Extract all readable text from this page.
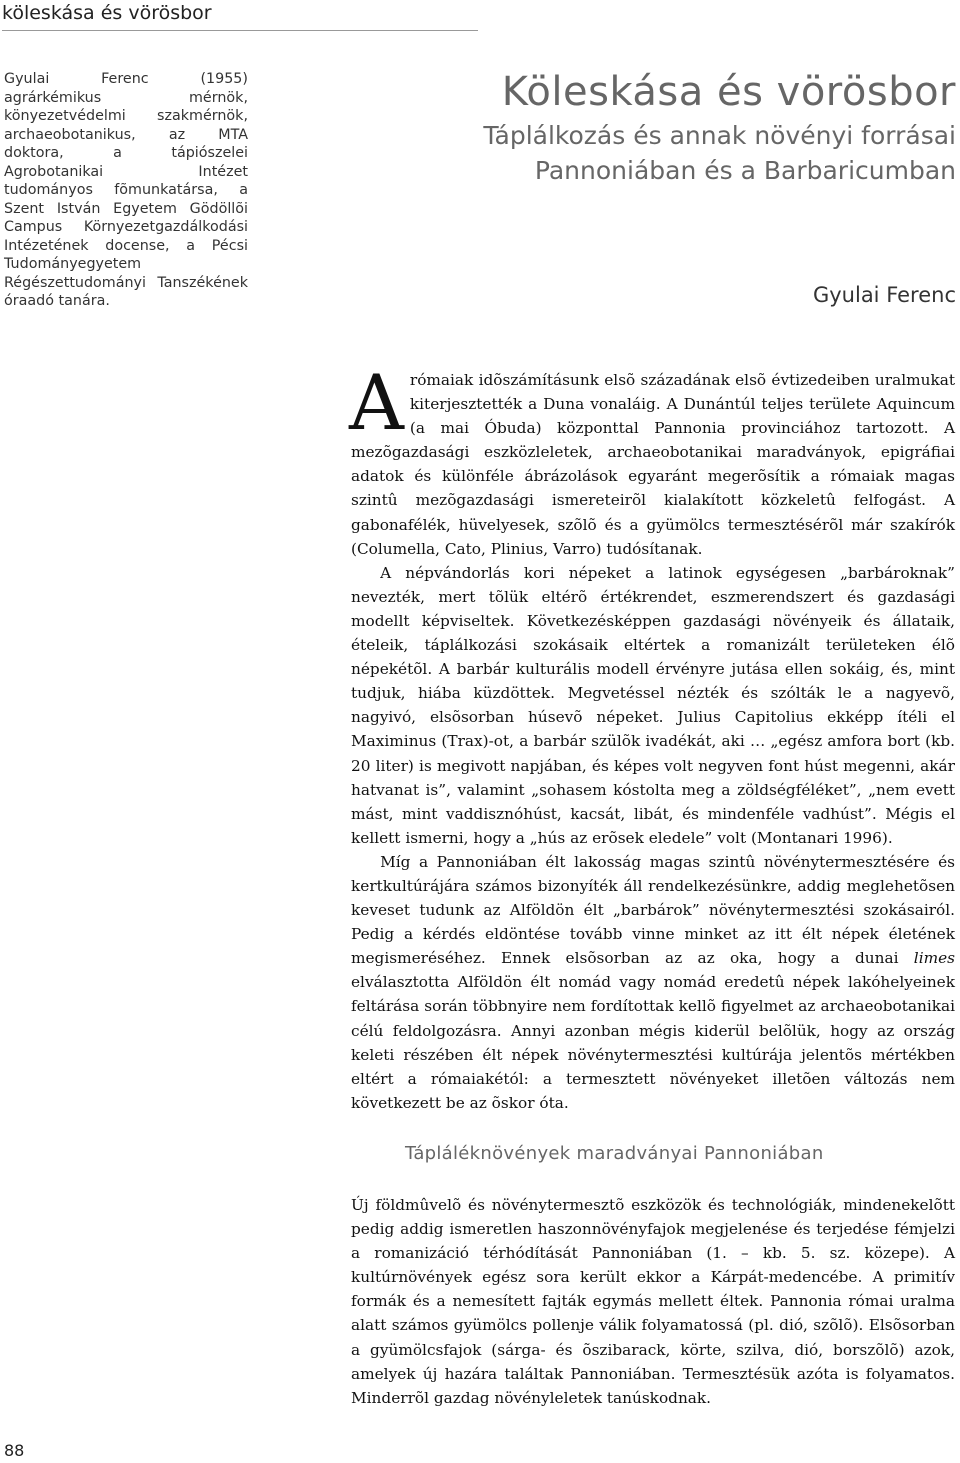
köleskása és vörösbor
Gyulai Ferenc (1955) agrárkémikus mérnök, könyezetvédelmi szakmérnök, archaeobotanikus, az MTA doktora, a tápiószelei Agrobotanikai Intézet tudományos fõmunkatársa, a Szent István Egyetem Gödöllõi Campus Környezetgazdálkodási Intézetének docense, a Pécsi Tudományegyetem Régészettudományi Tanszékének óraadó tanára.
Köleskása és vörösbor
Táplálkozás és annak növényi forrásai
Pannoniában és a Barbaricumban
Gyulai Ferenc

A rómaiak idõszámításunk elsõ századának elsõ évtizedeiben uralmukat kiterjesztették a Duna vonaláig. A Dunántúl teljes területe Aquincum (a mai Óbuda) központtal Pannonia provinciához tartozott. A mezõgazdasági eszközleletek, archaeobotanikai maradványok, epigráfiai adatok és különféle ábrázolások egyaránt megerõsítik a rómaiak magas szintû mezõgazdasági ismereteirõl kialakított közkeletû felfogást. A gabonafélék, hüvelyesek, szõlõ és a gyümölcs termesztésérõl már szakírók (Columella, Cato, Plinius, Varro) tudósítanak.

A népvándorlás kori népeket a latinok egységesen „barbároknak” nevezték, mert tõlük eltérõ értékrendet, eszmerendszert és gazdasági modellt képviseltek. Következésképpen gazdasági növényeik és állataik, ételeik, táplálkozási szokásaik eltértek a romanizált területeken élõ népekétõl. A barbár kulturális modell érvényre jutása ellen sokáig, és, mint tudjuk, hiába küzdöttek. Megvetéssel nézték és szólták le a nagyevõ, nagyivó, elsõsorban húsevõ népeket. Julius Capitolius ekképp ítéli el Maximinus (Trax)-ot, a barbár szülõk ivadékát, aki … „egész amfora bort (kb. 20 liter) is megivott napjában, és képes volt negyven font húst megenni, akár hatvanat is”, valamint „sohasem kóstolta meg a zöldségféléket”, „nem evett mást, mint vaddisznóhúst, kacsát, libát, és mindenféle vadhúst”. Mégis el kellett ismerni, hogy a „hús az erõsek eledele” volt (Montanari 1996).

Míg a Pannoniában élt lakosság magas szintû növénytermesztésére és kertkultúrájára számos bizonyíték áll rendelkezésünkre, addig meglehetõsen keveset tudunk az Alföldön élt „barbárok” növénytermesztési szokásairól. Pedig a kérdés eldöntése tovább vinne minket az itt élt népek életének megismeréséhez. Ennek elsõsorban az az oka, hogy a dunai limes elválasztotta Alföldön élt nomád vagy nomád eredetû népek lakóhelyeinek feltárása során többnyire nem fordítottak kellõ figyelmet az archaeobotanikai célú feldolgozásra. Annyi azonban mégis kiderül belõlük, hogy az ország keleti részében élt népek növénytermesztési kultúrája jelentõs mértékben eltért a rómaiakétól: a termesztett növényeket illetõen változás nem következett be az õskor óta.

Tápláléknövények maradványai Pannoniában

Új földmûvelõ és növénytermesztõ eszközök és technológiák, mindenekelõtt pedig addig ismeretlen haszonnövényfajok megjelenése és terjedése fémjelzi a romanizáció térhódítását Pannoniában (1. – kb. 5. sz. közepe). A kultúrnövények egész sora került ekkor a Kárpát-medencébe. A primitív formák és a nemesített fajták egymás mellett éltek. Pannonia római uralma alatt számos gyümölcs pollenje válik folyamatossá (pl. dió, szõlõ). Elsõsorban a gyümölcsfajok (sárga- és õszibarack, körte, szilva, dió, borszõlõ) azok, amelyek új hazára találtak Pannoniában. Termesztésük azóta is folyamatos. Minderrõl gazdag növényleletek tanúskodnak.

88
